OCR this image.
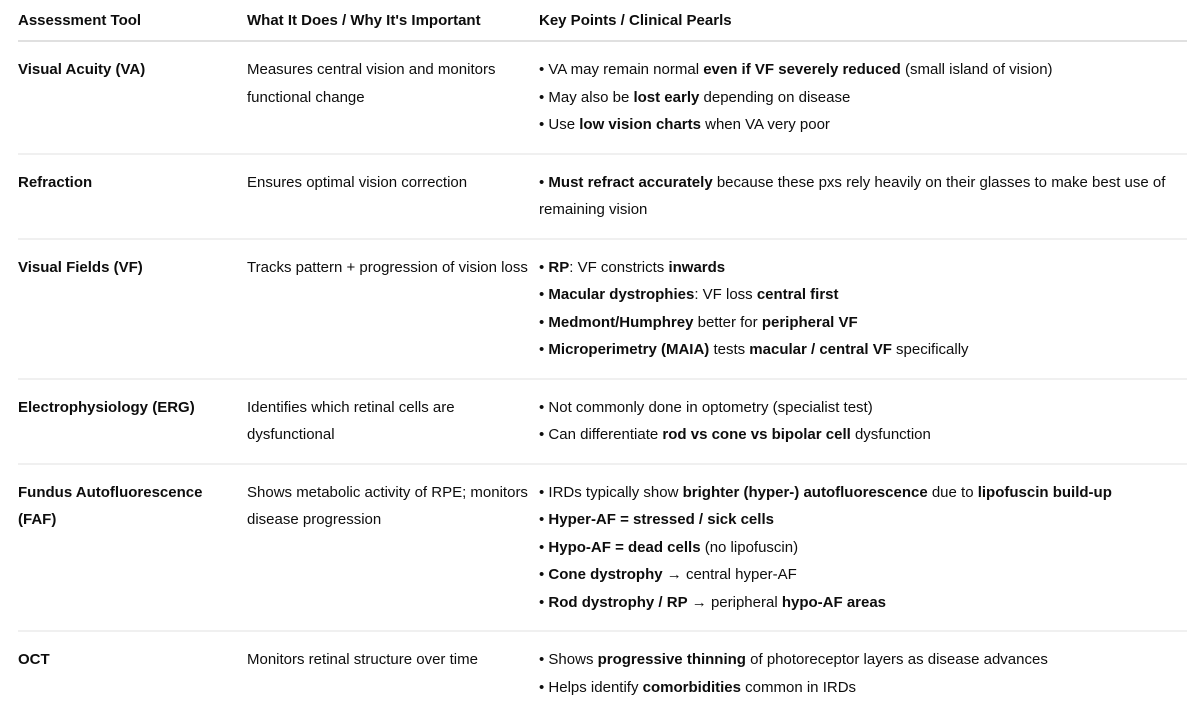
Assessment Tool	What It Does / Why It's Important	Key Points / Clinical Pearls
Visual Acuity (VA)	Measures central vision and monitors functional change	• VA may remain normal even if VF severely reduced (small island of vision)
• May also be lost early depending on disease
• Use low vision charts when VA very poor

Refraction	Ensures optimal vision correction	• Must refract accurately because these pxs rely heavily on their glasses to make best use of remaining vision

Visual Fields (VF)	Tracks pattern + progression of vision loss	• RP: VF constricts inwards
• Macular dystrophies: VF loss central first
• Medmont/Humphrey better for peripheral VF
• Microperimetry (MAIA) tests macular / central VF specifically

Electrophysiology (ERG)	Identifies which retinal cells are dysfunctional	• Not commonly done in optometry (specialist test)
• Can differentiate rod vs cone vs bipolar cell dysfunction

Fundus Autofluorescence (FAF)	Shows metabolic activity of RPE; monitors disease progression	• IRDs typically show brighter (hyper-) autofluorescence due to lipofuscin build-up
• Hyper-AF = stressed / sick cells
• Hypo-AF = dead cells (no lipofuscin)
• Cone dystrophy → central hyper-AF
• Rod dystrophy / RP → peripheral hypo-AF areas

OCT	Monitors retinal structure over time	• Shows progressive thinning of photoreceptor layers as disease advances
• Helps identify comorbidities common in IRDs
